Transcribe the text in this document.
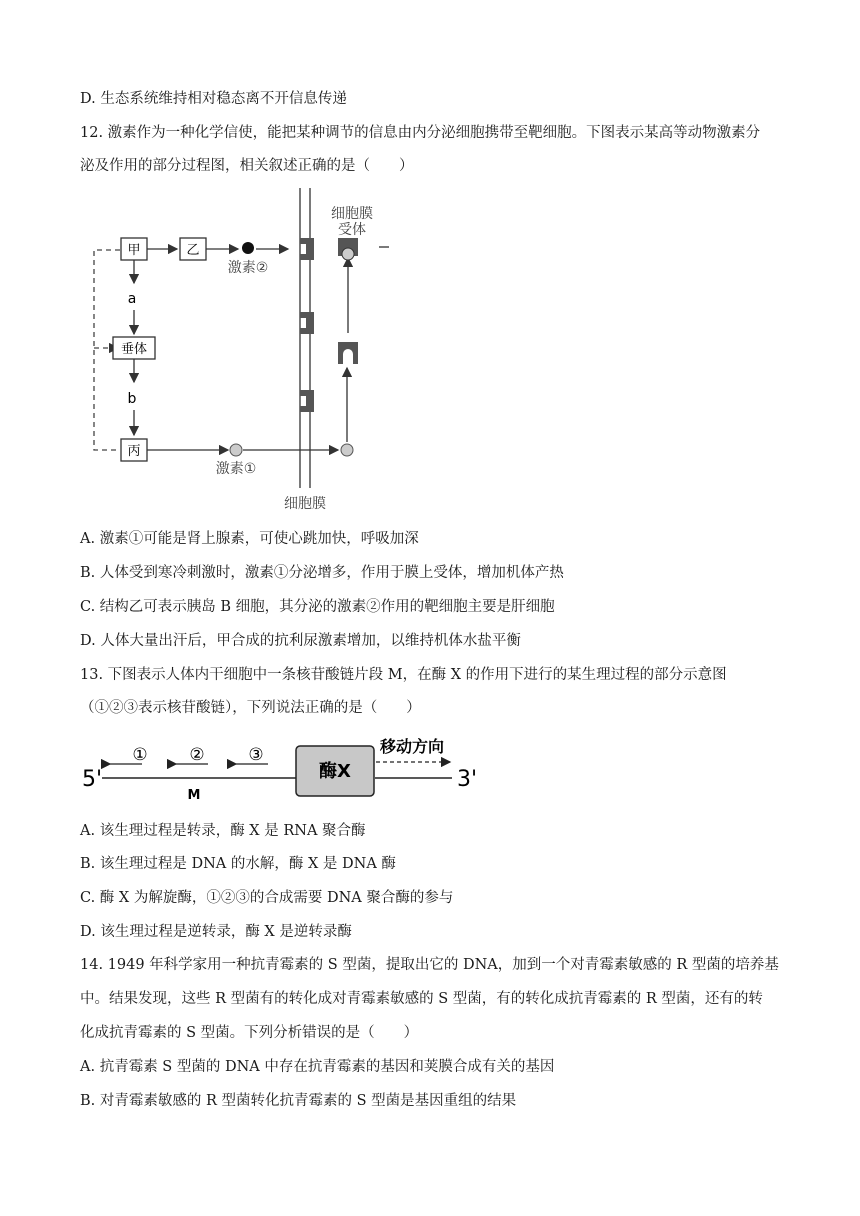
D. 生态系统维持相对稳态离不开信息传递
12. 激素作为一种化学信使，能把某种调节的信息由内分泌细胞携带至靶细胞。下图表示某高等动物激素分
泌及作用的部分过程图，相关叙述正确的是（　　）
甲	乙
激素②
a
垂体
b
丙
激素①
细胞膜
细胞膜
受体
A. 激素①可能是肾上腺素，可使心跳加快，呼吸加深
B. 人体受到寒冷刺激时，激素①分泌增多，作用于膜上受体，增加机体产热
C. 结构乙可表示胰岛 B 细胞，其分泌的激素②作用的靶细胞主要是肝细胞
D. 人体大量出汗后，甲合成的抗利尿激素增加，以维持机体水盐平衡
13. 下图表示人体内干细胞中一条核苷酸链片段 M，在酶 X 的作用下进行的某生理过程的部分示意图
（①②③表示核苷酸链），下列说法正确的是（　　）
5'	3'
M
① ②	③
酶X
移动方向
A. 该生理过程是转录，酶 X 是 RNA 聚合酶
B. 该生理过程是 DNA 的水解，酶 X 是 DNA 酶
C. 酶 X 为解旋酶，①②③的合成需要 DNA 聚合酶的参与
D. 该生理过程是逆转录，酶 X 是逆转录酶
14. 1949 年科学家用一种抗青霉素的 S 型菌，提取出它的 DNA，加到一个对青霉素敏感的 R 型菌的培养基
中。结果发现，这些 R 型菌有的转化成对青霉素敏感的 S 型菌，有的转化成抗青霉素的 R 型菌，还有的转
化成抗青霉素的 S 型菌。下列分析错误的是（　　）
A. 抗青霉素 S 型菌的 DNA 中存在抗青霉素的基因和荚膜合成有关的基因
B. 对青霉素敏感的 R 型菌转化抗青霉素的 S 型菌是基因重组的结果
